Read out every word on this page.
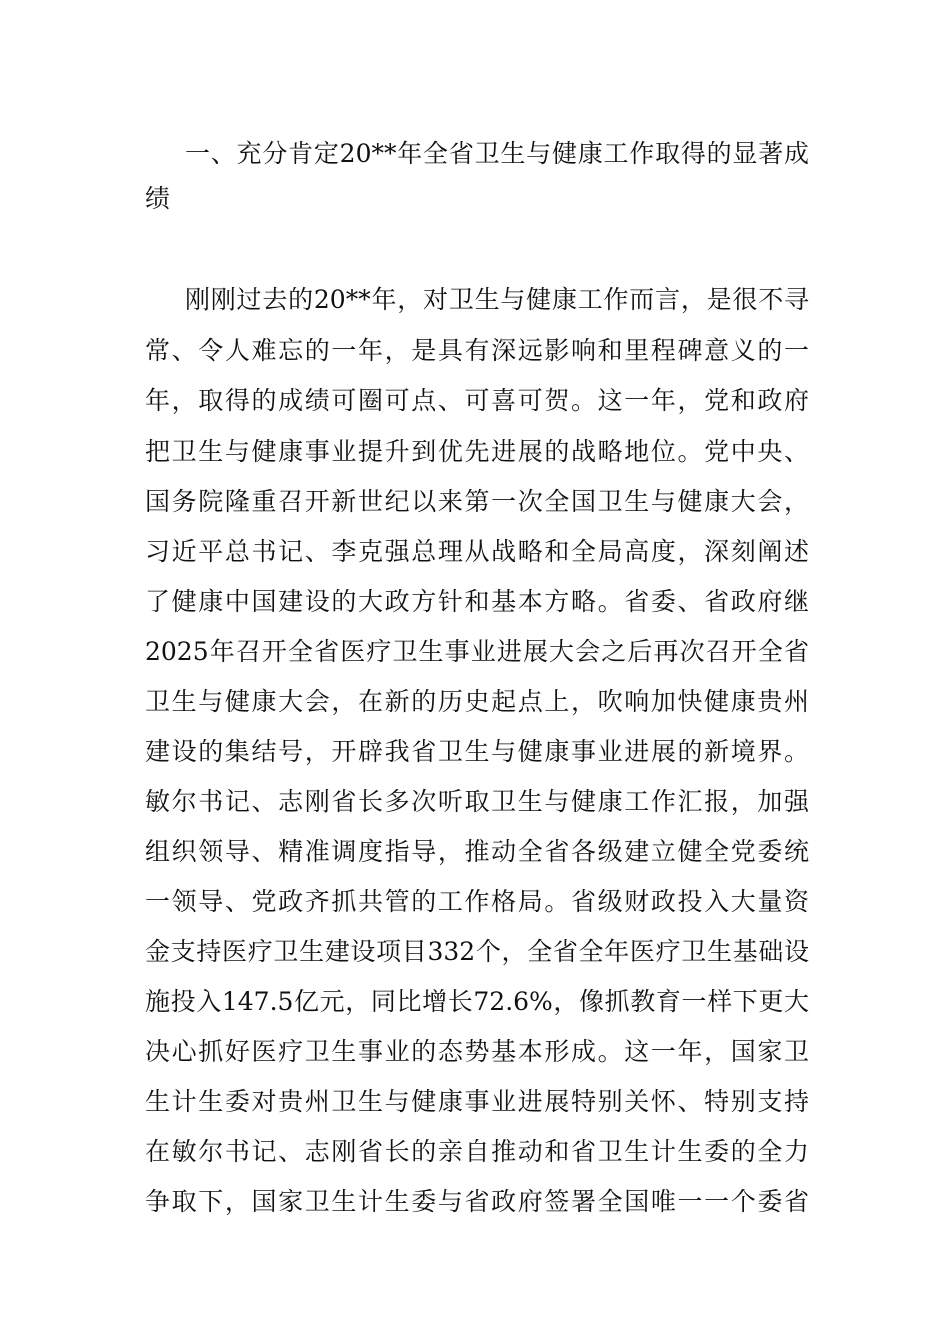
一、充分肯定20**年全省卫生与健康工作取得的显著成
绩
刚刚过去的20**年，对卫生与健康工作而言，是很不寻
常、令人难忘的一年，是具有深远影响和里程碑意义的一
年，取得的成绩可圈可点、可喜可贺。这一年，党和政府
把卫生与健康事业提升到优先进展的战略地位。党中央、
国务院隆重召开新世纪以来第一次全国卫生与健康大会，
习近平总书记、李克强总理从战略和全局高度，深刻阐述
了健康中国建设的大政方针和基本方略。省委、省政府继
2025年召开全省医疗卫生事业进展大会之后再次召开全省
卫生与健康大会，在新的历史起点上，吹响加快健康贵州
建设的集结号，开辟我省卫生与健康事业进展的新境界。
敏尔书记、志刚省长多次听取卫生与健康工作汇报，加强
组织领导、精准调度指导，推动全省各级建立健全党委统
一领导、党政齐抓共管的工作格局。省级财政投入大量资
金支持医疗卫生建设项目332个，全省全年医疗卫生基础设
施投入147.5亿元，同比增长72.6%，像抓教育一样下更大
决心抓好医疗卫生事业的态势基本形成。这一年，国家卫
生计生委对贵州卫生与健康事业进展特别关怀、特别支持
在敏尔书记、志刚省长的亲自推动和省卫生计生委的全力
争取下，国家卫生计生委与省政府签署全国唯一一个委省
